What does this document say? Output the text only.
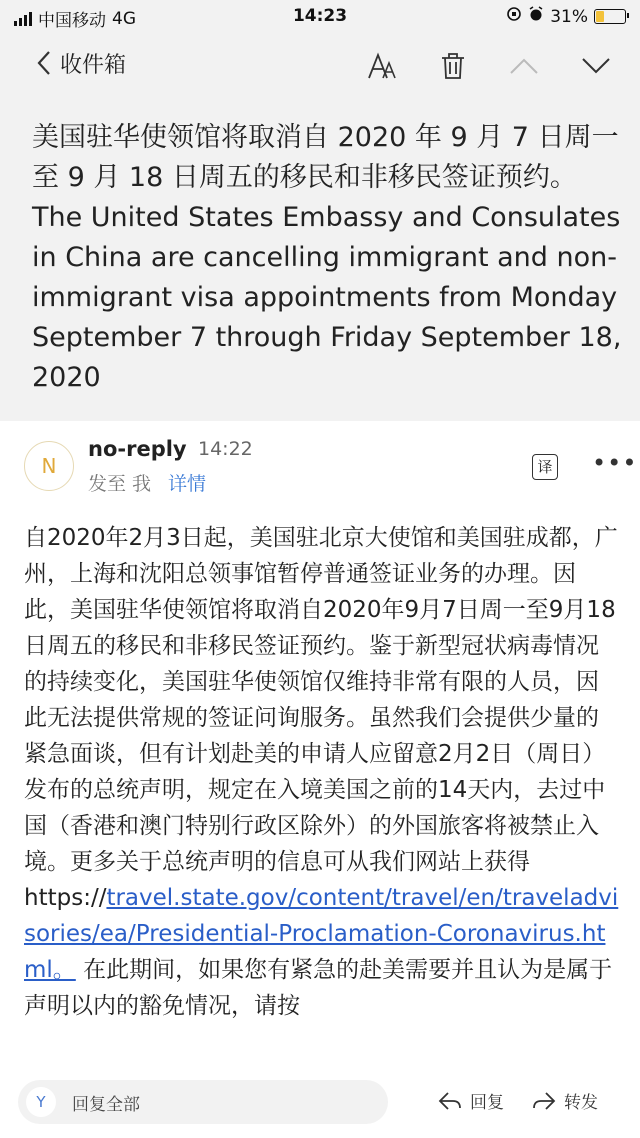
中国移动 4G	14:23	31%
收件箱
美国驻华使领馆将取消自 2020 年 9 月 7 日周一至 9 月 18 日周五的移民和非移民签证预约。The United States Embassy and Consulates in China are cancelling immigrant and non-immigrant visa appointments from Monday September 7 through Friday September 18, 2020
N
no-reply 14:22
发至 我 详情
译 •••
自2020年2月3日起，美国驻北京大使馆和美国驻成都，广州，上海和沈阳总领事馆暂停普通签证业务的办理。因此，美国驻华使领馆将取消自2020年9月7日周一至9月18日周五的移民和非移民签证预约。鉴于新型冠状病毒情况的持续变化，美国驻华使领馆仅维持非常有限的人员，因此无法提供常规的签证问询服务。虽然我们会提供少量的紧急面谈，但有计划赴美的申请人应留意2月2日（周日）发布的总统声明，规定在入境美国之前的14天内，去过中国（香港和澳门特别行政区除外）的外国旅客将被禁止入境。更多关于总统声明的信息可从我们网站上获得
https://travel.state.gov/content/travel/en/traveladvisories/ea/Presidential-Proclamation-Coronavirus.html。 在此期间，如果您有紧急的赴美需要并且认为是属于声明以内的豁免情况，请按
Y	回复全部	回复	转发
